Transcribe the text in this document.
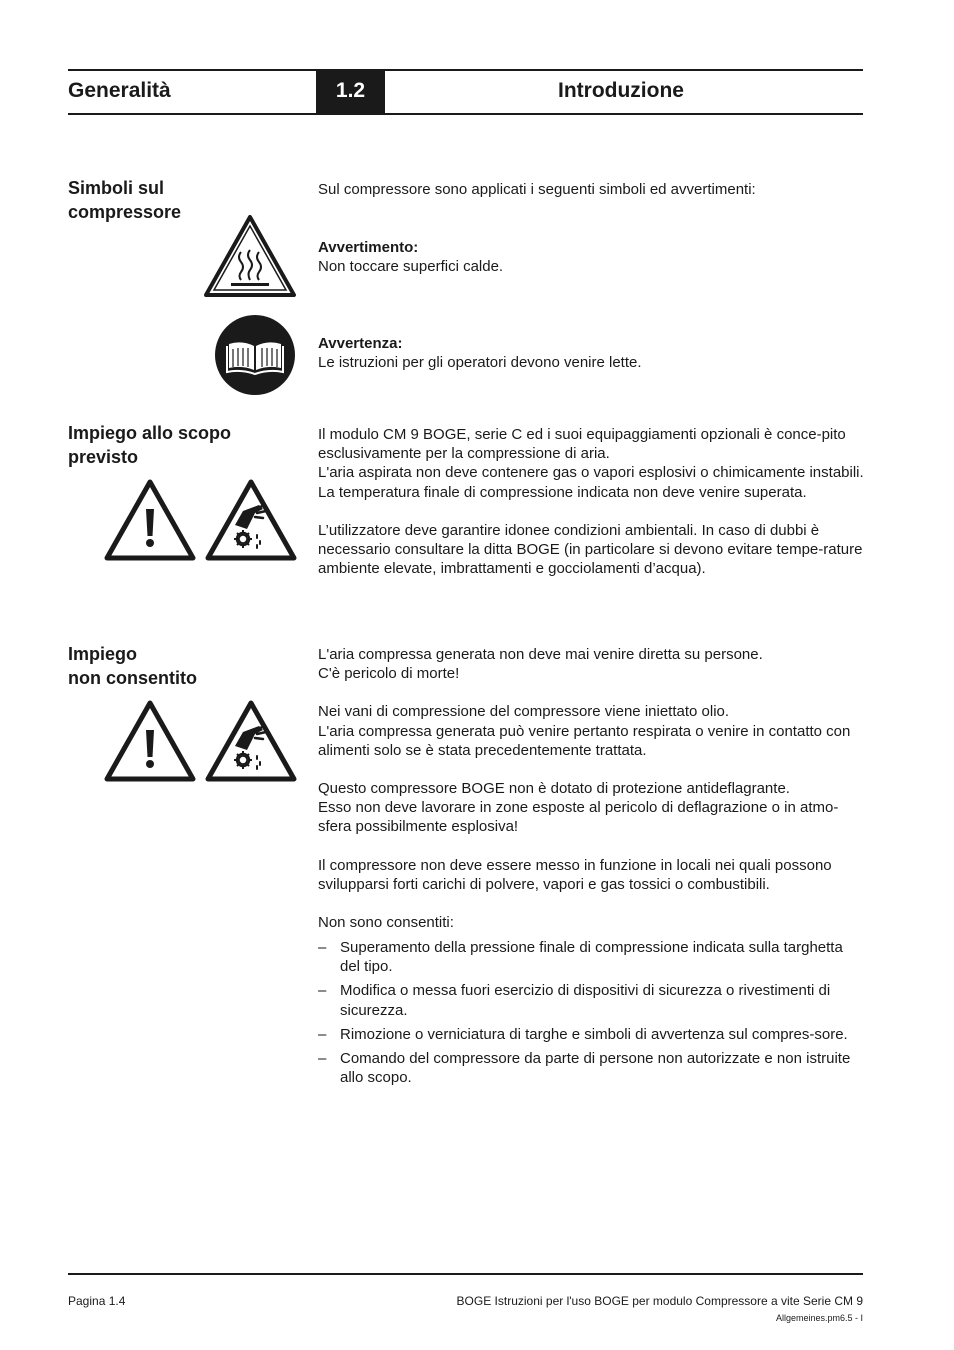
Generalità	1.2	Introduzione
Simboli sul
compressore
Sul compressore sono applicati i seguenti simboli ed avvertimenti:

Avvertimento:

Non toccare superfici calde.

Avvertenza:

Le istruzioni per gli operatori devono venire lette.

Impiego allo scopo
previsto

Il modulo CM 9 BOGE, serie C ed i suoi equipaggiamenti opzionali è conce-pito esclusivamente per la compressione di aria.

L'aria aspirata non deve contenere gas o vapori esplosivi o chimicamente instabili.

La temperatura finale di compressione indicata non deve venire superata.

L’utilizzatore deve garantire idonee condizioni ambientali. In caso di dubbi è necessario consultare la ditta BOGE (in particolare si devono evitare tempe-rature ambiente elevate, imbrattamenti e gocciolamenti d’acqua).

Impiego
non consentito

L'aria compressa generata non deve mai venire diretta su persone.

C'è pericolo di morte!

Nei vani di compressione del compressore viene iniettato olio.

L'aria compressa generata può venire pertanto respirata o venire in contatto con alimenti solo se è stata precedentemente trattata.

Questo compressore BOGE non è dotato di protezione antideflagrante.

Esso non deve lavorare in zone esposte al pericolo di deflagrazione o in atmo-sfera possibilmente esplosiva!

Il compressore non deve essere messo in funzione in locali nei quali possono svilupparsi forti carichi di polvere, vapori e gas tossici o combustibili.

Non sono consentiti:

– Superamento della pressione finale di compressione indicata sulla targhetta del tipo.
– Modifica o messa fuori esercizio di dispositivi di sicurezza o rivestimenti di sicurezza.
– Rimozione o verniciatura di targhe e simboli di avvertenza sul compres-sore.
– Comando del compressore da parte di persone non autorizzate e non istruite allo scopo.
Pagina 1.4	BOGE Istruzioni per l'uso BOGE per modulo Compressore a vite Serie CM 9
Allgemeines.pm6.5 - I
